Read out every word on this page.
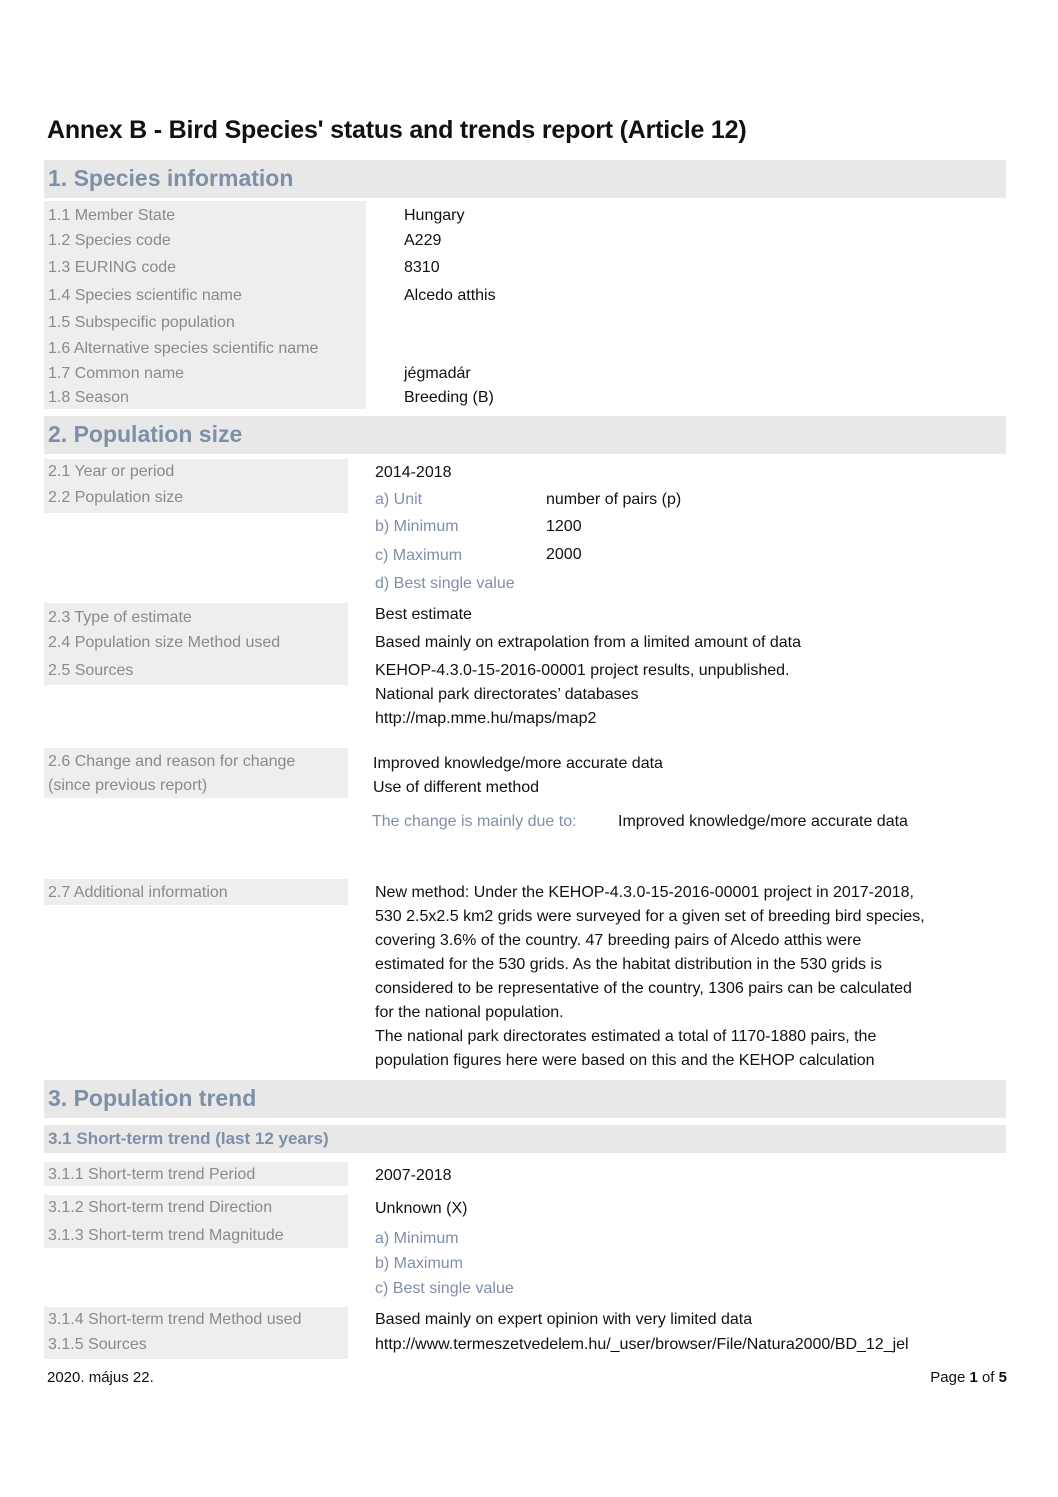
Annex B - Bird Species' status and trends report (Article 12)
1. Species information
1.1 Member State	Hungary
1.2 Species code	A229
1.3 EURING code	8310
1.4 Species scientific name	Alcedo atthis
1.5 Subspecific population
1.6 Alternative species scientific name
1.7 Common name	jégmadár
1.8 Season	Breeding (B)
2. Population size
2.1 Year or period	2014-2018
2.2 Population size	a) Unit	number of pairs (p)
b) Minimum	1200
c) Maximum	2000
d) Best single value
2.3 Type of estimate	Best estimate
2.4 Population size Method used	Based mainly on extrapolation from a limited amount of data
2.5 Sources	KEHOP-4.3.0-15-2016-00001 project results, unpublished.
National park directorates’ databases
http://map.mme.hu/maps/map2
2.6 Change and reason for change
(since previous report)
Improved knowledge/more accurate data
Use of different method
The change is mainly due to:	Improved knowledge/more accurate data
2.7 Additional information	New method: Under the KEHOP-4.3.0-15-2016-00001 project in 2017-2018,
530 2.5x2.5 km2 grids were surveyed for a given set of breeding bird species,
covering 3.6% of the country. 47 breeding pairs of Alcedo atthis were
estimated for the 530 grids. As the habitat distribution in the 530 grids is
considered to be representative of the country, 1306 pairs can be calculated
for the national population.
The national park directorates estimated a total of 1170-1880 pairs, the
population figures here were based on this and the KEHOP calculation
3. Population trend
3.1 Short-term trend (last 12 years)
3.1.1 Short-term trend Period	2007-2018
3.1.2 Short-term trend Direction	Unknown (X)
3.1.3 Short-term trend Magnitude	a) Minimum
b) Maximum
c) Best single value
3.1.4 Short-term trend Method used	Based mainly on expert opinion with very limited data
3.1.5 Sources	http://www.termeszetvedelem.hu/_user/browser/File/Natura2000/BD_12_jel
2020. május 22.	Page 1 of 5
